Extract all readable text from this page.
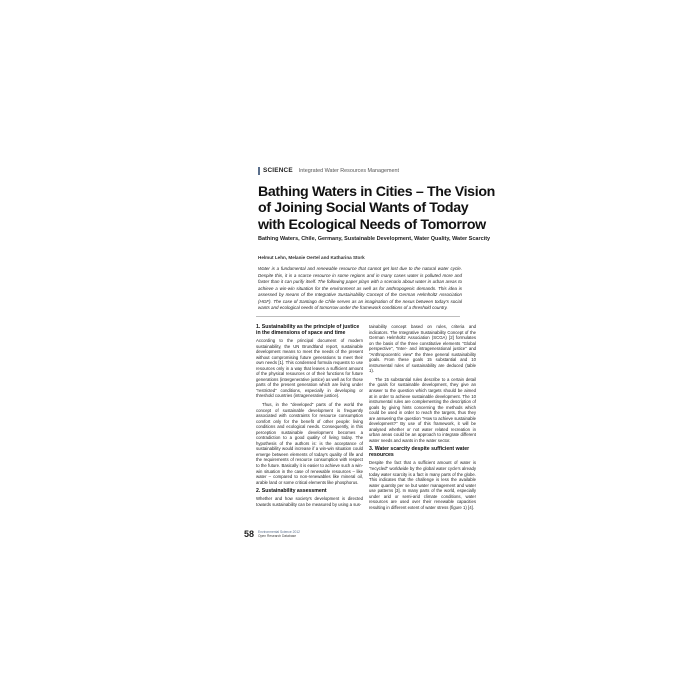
SCIENCE Integrated Water Resources Management
Bathing Waters in Cities – The Vision of Joining Social Wants of Today with Ecological Needs of Tomorrow
Bathing Waters, Chile, Germany, Sustainable Development, Water Quality, Water Scarcity
Helmut Lehn, Melanie Oertel and Katharina Stork

Water is a fundamental and renewable resource that cannot get lost due to the natural water cycle. Despite this, it is a scarce resource in some regions and in many cases water is polluted more and faster than it can purify itself. The following paper plays with a scenario about water in urban areas to achieve a win-win situation for the environment as well as for anthropogenic demands. This idea is assessed by means of the Integrative Sustainability Concept of the German Helmholtz Association (HGF). The case of Santiago de Chile serves as an imagination of the nexus between today's social wants and ecological needs of tomorrow under the framework conditions of a threshold country.

1. Sustainability as the principle of justice in the dimensions of space and time

According to the principal document of modern sustainability, the UN Brundtland report, sustainable development means to meet the needs of the present without compromising future generations to meet their own needs [1]. This condensed formula requests to use resources only in a way that leaves a sufficient amount of the physical resources or of their functions for future generations (intergenerative justice) as well as for those parts of the present generation which are living under "restricted" conditions, especially in developing or threshold countries (intragenerative justice).

Thus, in the "developed" parts of the world the concept of sustainable development is frequently associated with constraints for resource consumption comfort only for the benefit of other people: living conditions and ecological needs. Consequently, in this perception sustainable development becomes a contradiction to a good quality of living today. The hypothesis of the authors is: is the acceptance of sustainability would increase if a win-win situation could emerge between elements of today's quality of life and the requirements of resource consumption with respect to the future. Basically it is easier to achieve such a win-win situation in the case of renewable resources – like water – compared to non-renewables like mineral oil, arable land or some critical elements like phosphorus.

2. Sustainability assessment

Whether and how society's development is directed towards sustainability can be measured by using a sus-

tainability concept based on rules, criteria and indicators. The Integrative Sustainability Concept of the German Helmholtz Association (SCGA) [2] formulates on the basis of the three constitutive elements "Global perspective", "Inter- and intragenerational justice" and "Anthropocentric view" the three general sustainability goals. From these goals 15 substantial and 10 instrumental rules of sustainability are deduced (table 1).

The 15 substantial rules describe to a certain detail the goals for sustainable development, they give an answer to the question which targets should be aimed at in order to achieve sustainable development. The 10 instrumental rules are complementing the description of goals by giving hints concerning the methods which could be used in order to reach the targets, thus they are answering the question "How to achieve sustainable development?" By use of this framework, it will be analysed whether or not water related recreation in urban areas could be an approach to integrate different water needs and wants in the water sector.

3. Water scarcity despite sufficient water resources

Despite the fact that a sufficient amount of water is "recycled" worldwide by the global water cycle's already today water scarcity is a fact in many parts of the globe. This indicates that the challenge is less the available water quantity per se but water management and water use patterns [3]. In many parts of the world, especially under arid or semi-arid climate conditions, water resources are used over their renewable capacities resulting in different extent of water stress (figure 1) [4].

58 Environmental Science 2012
Open Research Database
